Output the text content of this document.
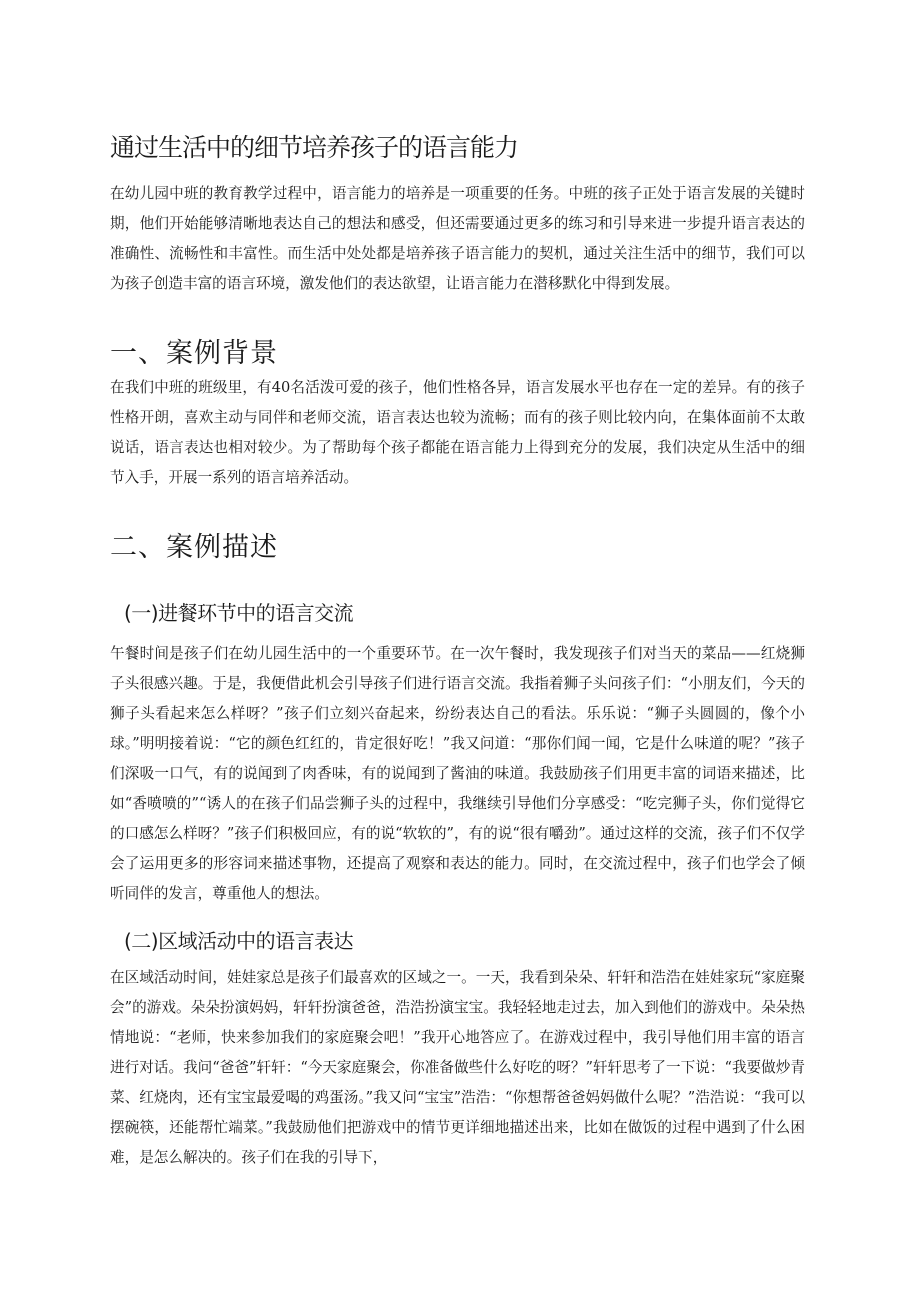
通过生活中的细节培养孩子的语言能力

在幼儿园中班的教育教学过程中，语言能力的培养是一项重要的任务。中班的孩子正处于语言发展的关键时期，他们开始能够清晰地表达自己的想法和感受，但还需要通过更多的练习和引导来进一步提升语言表达的准确性、流畅性和丰富性。而生活中处处都是培养孩子语言能力的契机，通过关注生活中的细节，我们可以为孩子创造丰富的语言环境，激发他们的表达欲望，让语言能力在潜移默化中得到发展。

一、案例背景

在我们中班的班级里，有40名活泼可爱的孩子，他们性格各异，语言发展水平也存在一定的差异。有的孩子性格开朗，喜欢主动与同伴和老师交流，语言表达也较为流畅；而有的孩子则比较内向，在集体面前不太敢说话，语言表达也相对较少。为了帮助每个孩子都能在语言能力上得到充分的发展，我们决定从生活中的细节入手，开展一系列的语言培养活动。

二、案例描述
(一)进餐环节中的语言交流

午餐时间是孩子们在幼儿园生活中的一个重要环节。在一次午餐时，我发现孩子们对当天的菜品——红烧狮子头很感兴趣。于是，我便借此机会引导孩子们进行语言交流。我指着狮子头问孩子们：“小朋友们，今天的狮子头看起来怎么样呀？”孩子们立刻兴奋起来，纷纷表达自己的看法。乐乐说：“狮子头圆圆的，像个小球。”明明接着说：“它的颜色红红的，肯定很好吃！”我又问道：“那你们闻一闻，它是什么味道的呢？”孩子们深吸一口气，有的说闻到了肉香味，有的说闻到了酱油的味道。我鼓励孩子们用更丰富的词语来描述，比如“香喷喷的”“诱人的在孩子们品尝狮子头的过程中，我继续引导他们分享感受：“吃完狮子头，你们觉得它的口感怎么样呀？”孩子们积极回应，有的说“软软的”，有的说“很有嚼劲”。通过这样的交流，孩子们不仅学会了运用更多的形容词来描述事物，还提高了观察和表达的能力。同时，在交流过程中，孩子们也学会了倾听同伴的发言，尊重他人的想法。

(二)区域活动中的语言表达

在区域活动时间，娃娃家总是孩子们最喜欢的区域之一。一天，我看到朵朵、轩轩和浩浩在娃娃家玩“家庭聚会”的游戏。朵朵扮演妈妈，轩轩扮演爸爸，浩浩扮演宝宝。我轻轻地走过去，加入到他们的游戏中。朵朵热情地说：“老师，快来参加我们的家庭聚会吧！”我开心地答应了。在游戏过程中，我引导他们用丰富的语言进行对话。我问“爸爸”轩轩：“今天家庭聚会，你准备做些什么好吃的呀？”轩轩思考了一下说：“我要做炒青菜、红烧肉，还有宝宝最爱喝的鸡蛋汤。”我又问“宝宝”浩浩：“你想帮爸爸妈妈做什么呢？”浩浩说：“我可以摆碗筷，还能帮忙端菜。”我鼓励他们把游戏中的情节更详细地描述出来，比如在做饭的过程中遇到了什么困难，是怎么解决的。孩子们在我的引导下，
